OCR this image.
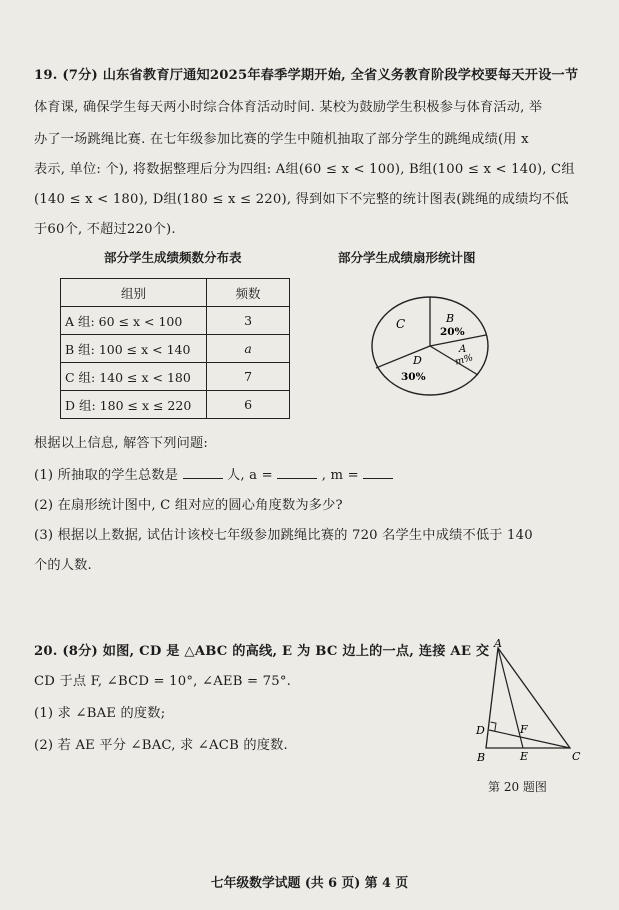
19. (7分) 山东省教育厅通知2025年春季学期开始, 全省义务教育阶段学校要每天开设一节
体育课, 确保学生每天两小时综合体育活动时间. 某校为鼓励学生积极参与体育活动, 举
办了一场跳绳比赛. 在七年级参加比赛的学生中随机抽取了部分学生的跳绳成绩(用 x
表示, 单位: 个), 将数据整理后分为四组: A组(60 ≤ x < 100), B组(100 ≤ x < 140), C组
(140 ≤ x < 180), D组(180 ≤ x ≤ 220), 得到如下不完整的统计图表(跳绳的成绩均不低
于60个, 不超过220个).
部分学生成绩频数分布表	部分学生成绩扇形统计图
组别	频数
A 组: 60 ≤ x < 100	3
B 组: 100 ≤ x < 140	a
C 组: 140 ≤ x < 180	7
D 组: 180 ≤ x ≤ 220	6
C	B
20%
A
m%
D
30%
根据以上信息, 解答下列问题:
(1) 所抽取的学生总数是	人, a =	, m =
(2) 在扇形统计图中, C 组对应的圆心角度数为多少?
(3) 根据以上数据, 试估计该校七年级参加跳绳比赛的 720 名学生中成绩不低于 140
个的人数.
20. (8分) 如图, CD 是 △ABC 的高线, E 为 BC 边上的一点, 连接 AE 交
CD 于点 F, ∠BCD = 10°, ∠AEB = 75°.
(1) 求 ∠BAE 的度数;
(2) 若 AE 平分 ∠BAC, 求 ∠ACB 的度数.
A
B	C
D
E
F
第 20 题图
七年级数学试题 (共 6 页) 第 4 页
